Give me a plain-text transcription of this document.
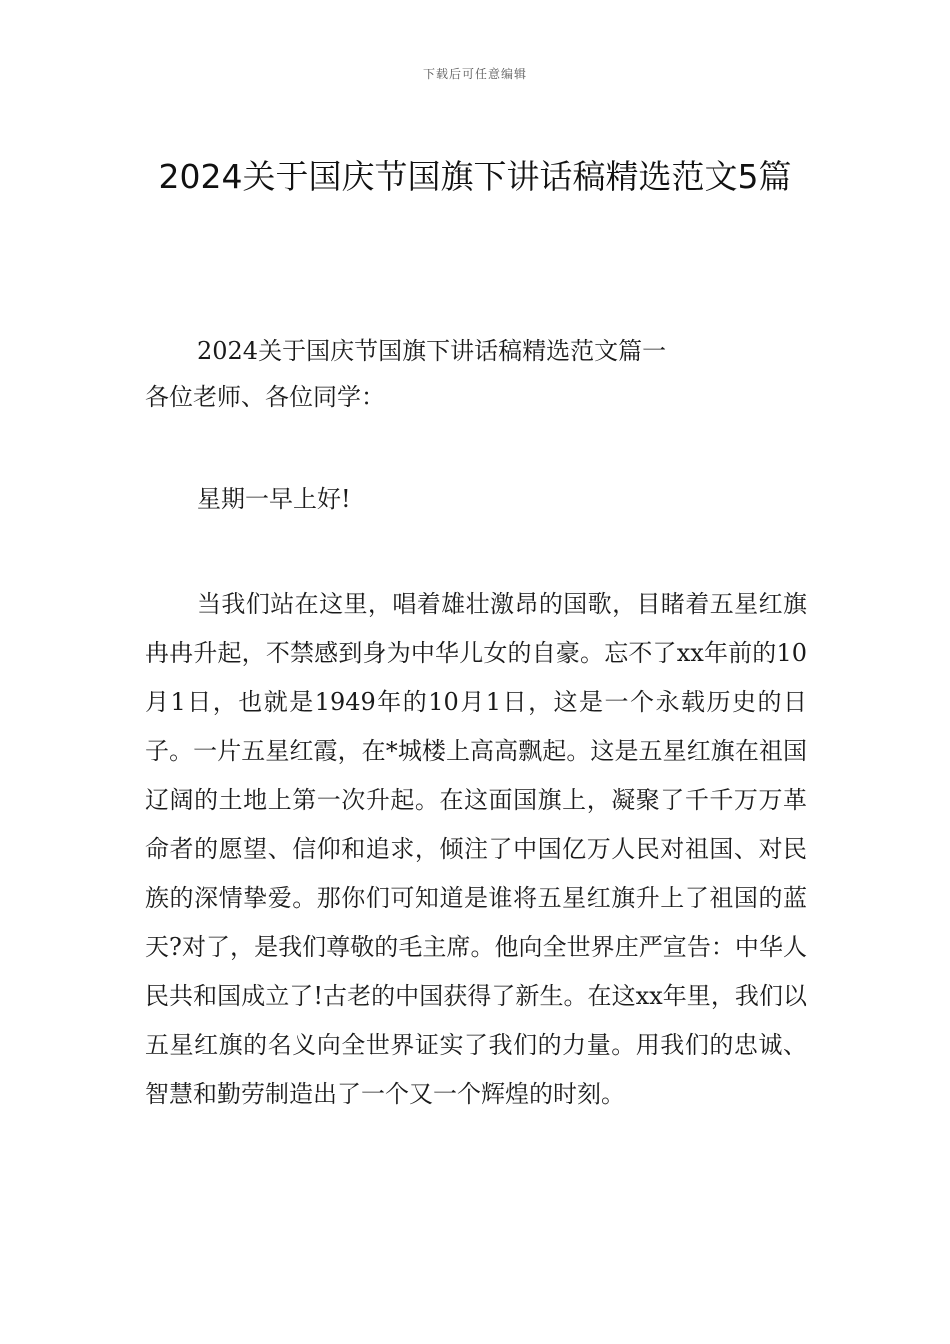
下载后可任意编辑
2024关于国庆节国旗下讲话稿精选范文5篇
2024关于国庆节国旗下讲话稿精选范文篇一
各位老师、各位同学：
星期一早上好!
当我们站在这里，唱着雄壮激昂的国歌，目睹着五星红旗冉冉升起，不禁感到身为中华儿女的自豪。忘不了xx年前的10月1日，也就是1949年的10月1日，这是一个永载历史的日子。一片五星红霞，在*城楼上高高飘起。这是五星红旗在祖国辽阔的土地上第一次升起。在这面国旗上，凝聚了千千万万革命者的愿望、信仰和追求，倾注了中国亿万人民对祖国、对民族的深情挚爱。那你们可知道是谁将五星红旗升上了祖国的蓝天?对了，是我们尊敬的毛主席。他向全世界庄严宣告：中华人民共和国成立了!古老的中国获得了新生。在这xx年里，我们以五星红旗的名义向全世界证实了我们的力量。用我们的忠诚、智慧和勤劳制造出了一个又一个辉煌的时刻。
